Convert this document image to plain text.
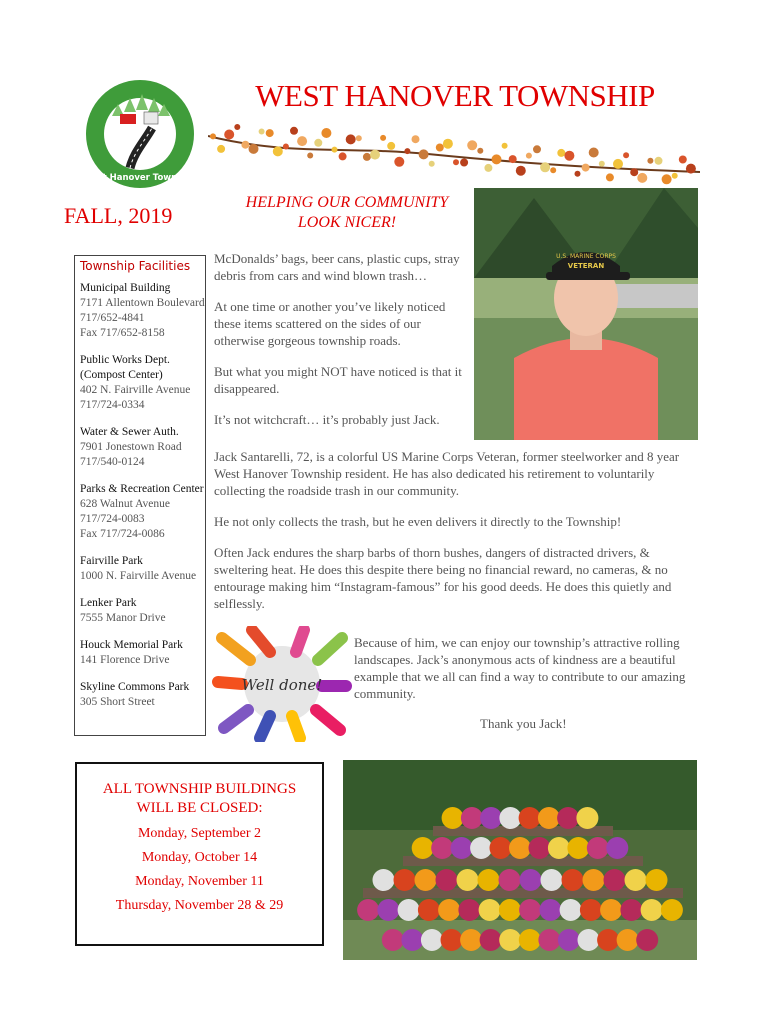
West Hanover Township
WEST HANOVER TOWNSHIP
FALL, 2019
HELPING OUR COMMUNITY
LOOK NICER!
U.S. MARINE CORPS
VETERAN

McDonalds’ bags, beer cans, plastic cups, stray debris from cars and wind blown trash…

At one time or another you’ve likely noticed these items scattered on the sides of our otherwise gorgeous township roads.

But what you might NOT have noticed is that it disappeared.

It’s not witchcraft… it’s probably just Jack.

Jack Santarelli, 72, is a colorful US Marine Corps Veteran, former steelworker and 8 year West Hanover Township resident. He has also dedicated his retirement to voluntarily collecting the roadside trash in our community.

He not only collects the trash, but he even delivers it directly to the Township!

Often Jack endures the sharp barbs of thorn bushes, dangers of distracted drivers, & sweltering heat. He does this despite there being no financial reward, no cameras, & no entourage making him “Instagram-famous” for his good deeds. He does this quietly and selflessly.

Well done!

Because of him, we can enjoy our township’s attractive rolling landscapes. Jack’s anonymous acts of kindness are a beautiful example that we all can find a way to contribute to our amazing community.

Thank you Jack!
Township Facilities
Municipal Building
7171 Allentown Boulevard
717/652-4841
Fax 717/652-8158
Public Works Dept.
(Compost Center)
402 N. Fairville Avenue
717/724-0334
Water & Sewer Auth.
7901 Jonestown Road
717/540-0124
Parks & Recreation Center
628 Walnut Avenue
717/724-0083
Fax 717/724-0086
Fairville Park
1000 N. Fairville Avenue
Lenker Park
7555 Manor Drive
Houck Memorial Park
141 Florence Drive
Skyline Commons Park
305 Short Street
ALL TOWNSHIP BUILDINGS
WILL BE CLOSED:
Monday, September 2
Monday, October 14
Monday, November 11
Thursday, November 28 & 29
